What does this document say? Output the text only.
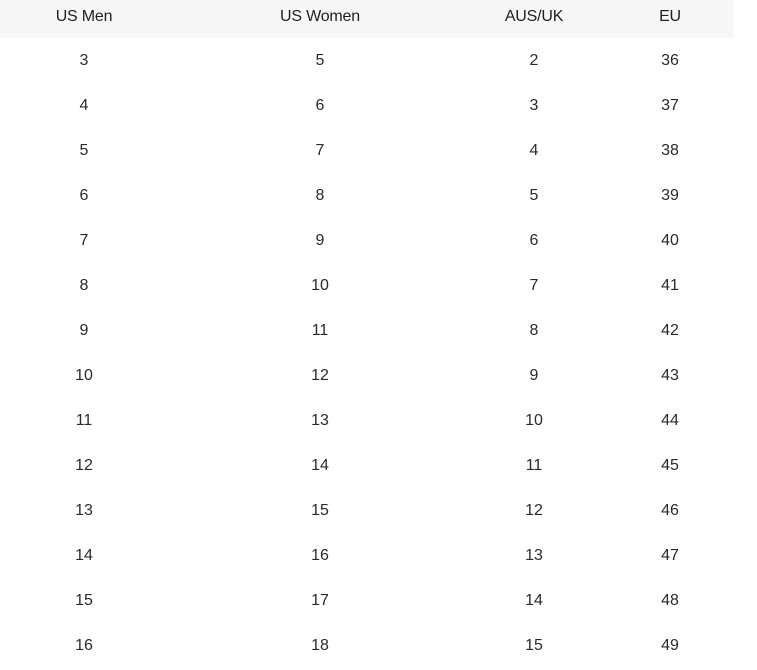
US Men	US Women	AUS/UK	EU
3	5	2	36
4	6	3	37
5	7	4	38
6	8	5	39
7	9	6	40
8	10	7	41
9	11	8	42
10	12	9	43
11	13	10	44
12	14	11	45
13	15	12	46
14	16	13	47
15	17	14	48
16	18	15	49
